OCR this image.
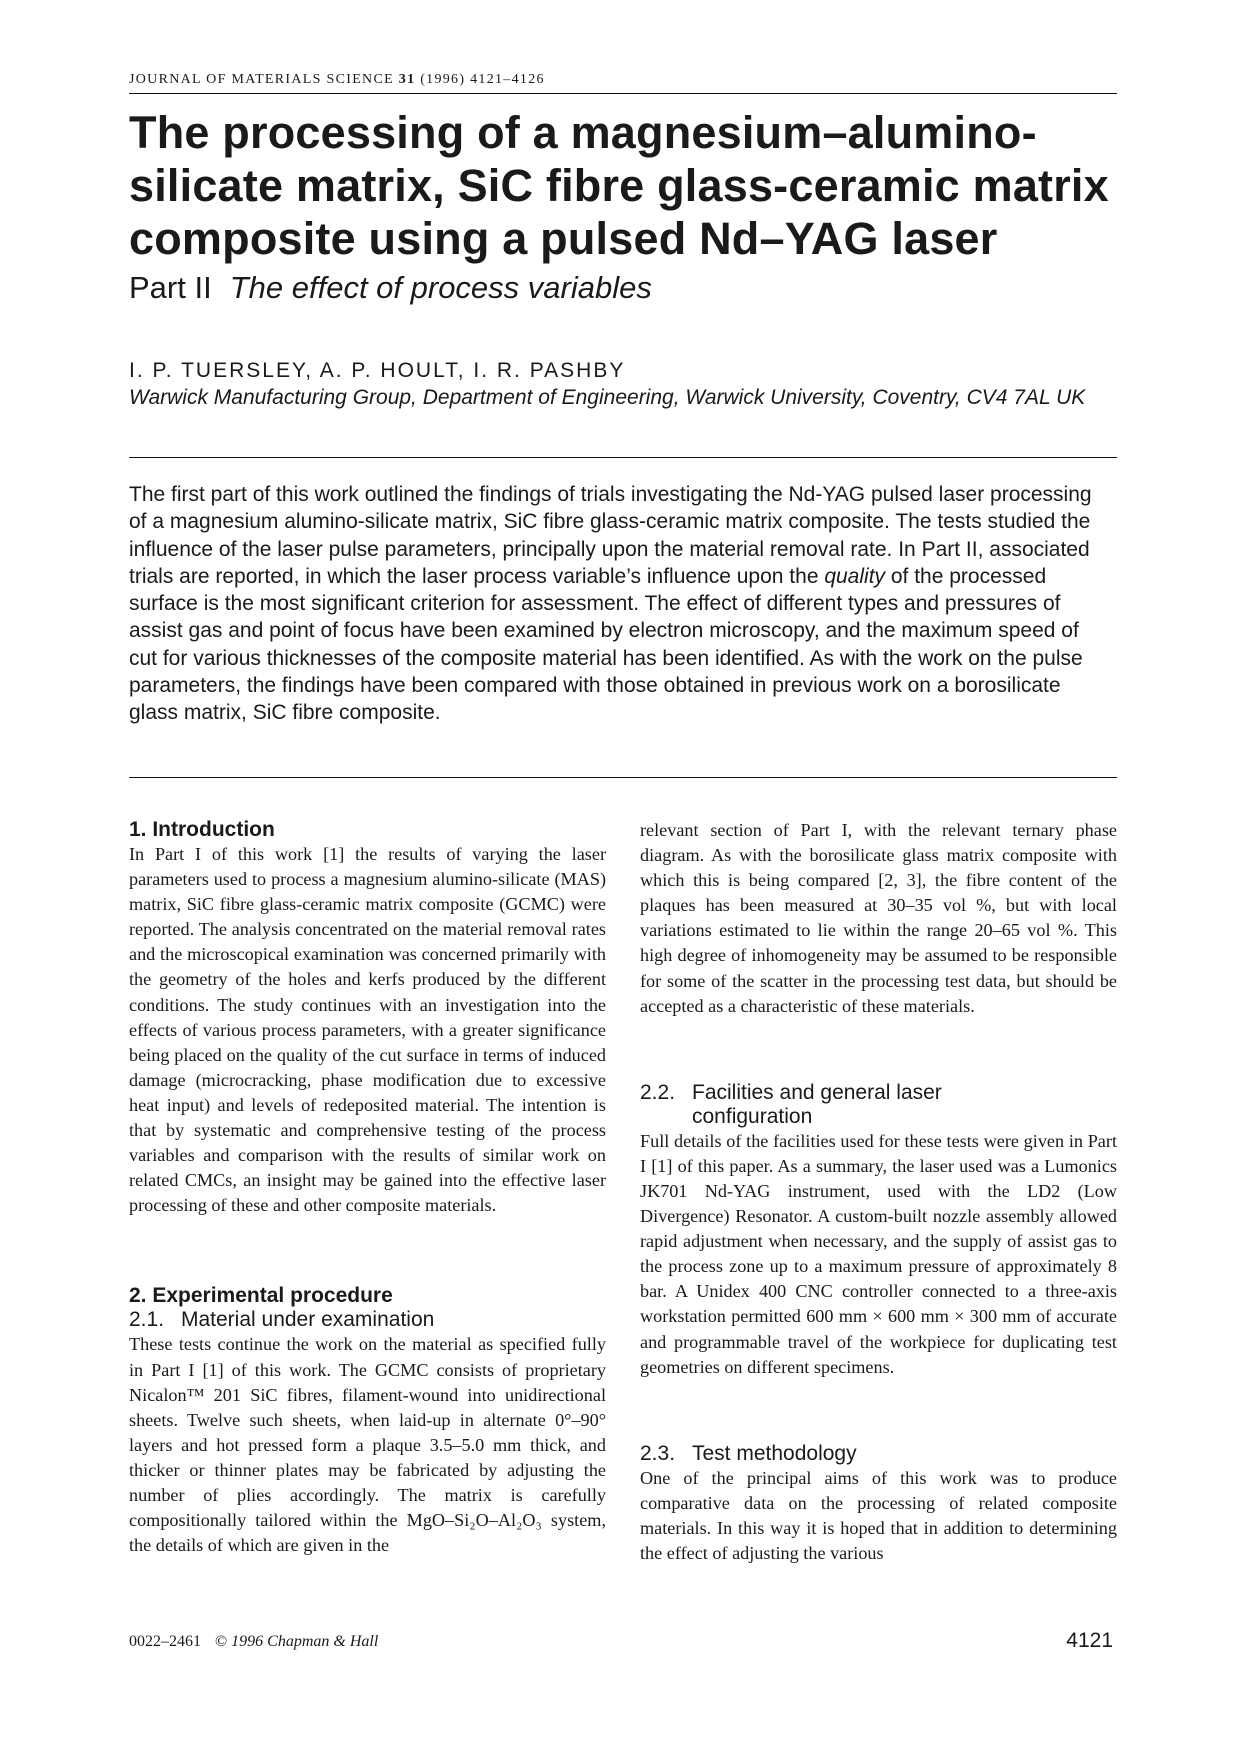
JOURNAL OF MATERIALS SCIENCE 31 (1996) 4121–4126
The processing of a magnesium–alumino-silicate matrix, SiC fibre glass-ceramic matrix composite using a pulsed Nd–YAG laser
Part II The effect of process variables
I. P. TUERSLEY, A. P. HOULT, I. R. PASHBY
Warwick Manufacturing Group, Department of Engineering, Warwick University, Coventry, CV4 7AL UK

The first part of this work outlined the findings of trials investigating the Nd-YAG pulsed laser processing of a magnesium alumino-silicate matrix, SiC fibre glass-ceramic matrix composite. The tests studied the influence of the laser pulse parameters, principally upon the material removal rate. In Part II, associated trials are reported, in which the laser process variable’s influence upon the quality of the processed surface is the most significant criterion for assessment. The effect of different types and pressures of assist gas and point of focus have been examined by electron microscopy, and the maximum speed of cut for various thicknesses of the composite material has been identified. As with the work on the pulse parameters, the findings have been compared with those obtained in previous work on a borosilicate glass matrix, SiC fibre composite.

1. Introduction

In Part I of this work [1] the results of varying the laser parameters used to process a magnesium alumino-silicate (MAS) matrix, SiC fibre glass-ceramic matrix composite (GCMC) were reported. The analysis concentrated on the material removal rates and the microscopical examination was concerned primarily with the geometry of the holes and kerfs produced by the different conditions. The study continues with an investigation into the effects of various process parameters, with a greater significance being placed on the quality of the cut surface in terms of induced damage (microcracking, phase modification due to excessive heat input) and levels of redeposited material. The intention is that by systematic and comprehensive testing of the process variables and comparison with the results of similar work on related CMCs, an insight may be gained into the effective laser processing of these and other composite materials.

2. Experimental procedure
2.1. Material under examination

These tests continue the work on the material as specified fully in Part I [1] of this work. The GCMC consists of proprietary Nicalon™ 201 SiC fibres, filament-wound into unidirectional sheets. Twelve such sheets, when laid-up in alternate 0°–90° layers and hot pressed form a plaque 3.5–5.0 mm thick, and thicker or thinner plates may be fabricated by adjusting the number of plies accordingly. The matrix is carefully compositionally tailored within the MgO–Si₂O–Al₂O₃ system, the details of which are given in the

relevant section of Part I, with the relevant ternary phase diagram. As with the borosilicate glass matrix composite with which this is being compared [2, 3], the fibre content of the plaques has been measured at 30–35 vol %, but with local variations estimated to lie within the range 20–65 vol %. This high degree of inhomogeneity may be assumed to be responsible for some of the scatter in the processing test data, but should be accepted as a characteristic of these materials.

2.2. Facilities and general laser
configuration

Full details of the facilities used for these tests were given in Part I [1] of this paper. As a summary, the laser used was a Lumonics JK701 Nd-YAG instrument, used with the LD2 (Low Divergence) Resonator. A custom-built nozzle assembly allowed rapid adjustment when necessary, and the supply of assist gas to the process zone up to a maximum pressure of approximately 8 bar. A Unidex 400 CNC controller connected to a three-axis workstation permitted 600 mm × 600 mm × 300 mm of accurate and programmable travel of the workpiece for duplicating test geometries on different specimens.

2.3. Test methodology

One of the principal aims of this work was to produce comparative data on the processing of related composite materials. In this way it is hoped that in addition to determining the effect of adjusting the various

0022–2461 © 1996 Chapman & Hall	4121
